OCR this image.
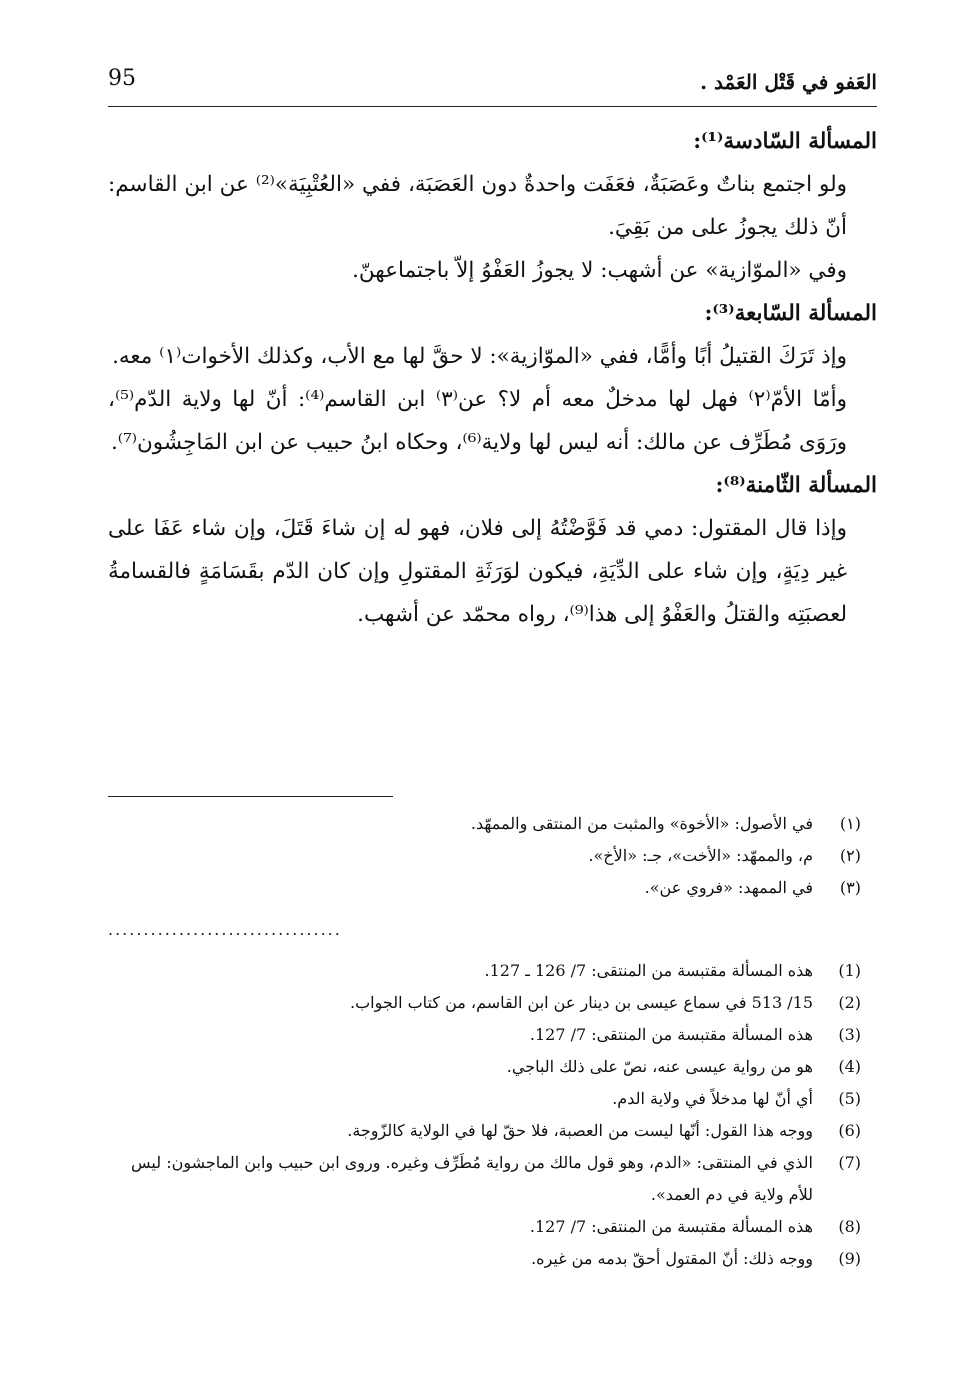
العَفو في قَتْل العَمْد .
95

المسألة السّادسة⁽¹⁾:

ولو اجتمع بناتٌ وعَصَبَةٌ، فعَفَت واحدةٌ دون العَصَبَة، ففي «العُتْبِيَة»⁽²⁾ عن ابن القاسم: أنّ ذلك يجوزُ على من بَقِيَ.

وفي «الموّازية» عن أشهب: لا يجوزُ العَفْوُ إلاّ باجتماعهنّ.

المسألة السّابعة⁽³⁾:

وإذ تَرَكَ القتيلُ أبًا وأمًّا، ففي «الموّازية»: لا حقَّ لها مع الأب، وكذلك الأخوات⁽١⁾ معه.

وأمّا الأمّ⁽٢⁾ فهل لها مدخلٌ معه أم لا؟ عن⁽٣⁾ ابن القاسم⁽⁴⁾: أنّ لها ولاية الدّم⁽⁵⁾، ورَوَى مُطَرِّف عن مالك: أنه ليس لها ولاية⁽⁶⁾، وحكاه ابنُ حبيب عن ابن المَاجِشُون⁽⁷⁾.

المسألة الثّامنة⁽⁸⁾:

وإذا قال المقتول: دمي قد فَوَّضْتُهُ إلى فلان، فهو له إن شاءَ قَتَلَ، وإن شاء عَفَا على غير دِيَةٍ، وإن شاء على الدِّيَةِ، فيكون لوَرَثَةِ المقتولِ وإن كان الدّم بقَسَامَةٍ فالقسامةُ لعصبَتِه والقتلُ والعَفْوُ إلى هذا⁽⁹⁾، رواه محمّد عن أشهب.

(١)
في الأصول: «الأخوة» والمثبت من المنتقى والممهّد.
(٢)
م، والممهّد: «الأخت»، جـ: «الأخ».
(٣)
في الممهد: «فروي عن».
.................................
(1)
هذه المسألة مقتبسة من المنتقى: 7/ 126 ـ 127.
(2)
15/ 513 في سماع عيسى بن دينار عن ابن القاسم، من كتاب الجواب.
(3)
هذه المسألة مقتبسة من المنتقى: 7/ 127.
(4)
هو من رواية عيسى عنه، نصّ على ذلك الباجي.
(5)
أي أنّ لها مدخلاً في ولاية الدم.
(6)
ووجه هذا القول: أنّها ليست من العصبة، فلا حقّ لها في الولاية كالزّوجة.
(7)
الذي في المنتقى: «الدم، وهو قول مالك من رواية مُطَرِّف وغيره. وروى ابن حبيب وابن الماجشون: ليس للأم ولاية في دم العمد».
(8)
هذه المسألة مقتبسة من المنتقى: 7/ 127.
(9)
ووجه ذلك: أنّ المقتول أحقّ بدمه من غيره.
